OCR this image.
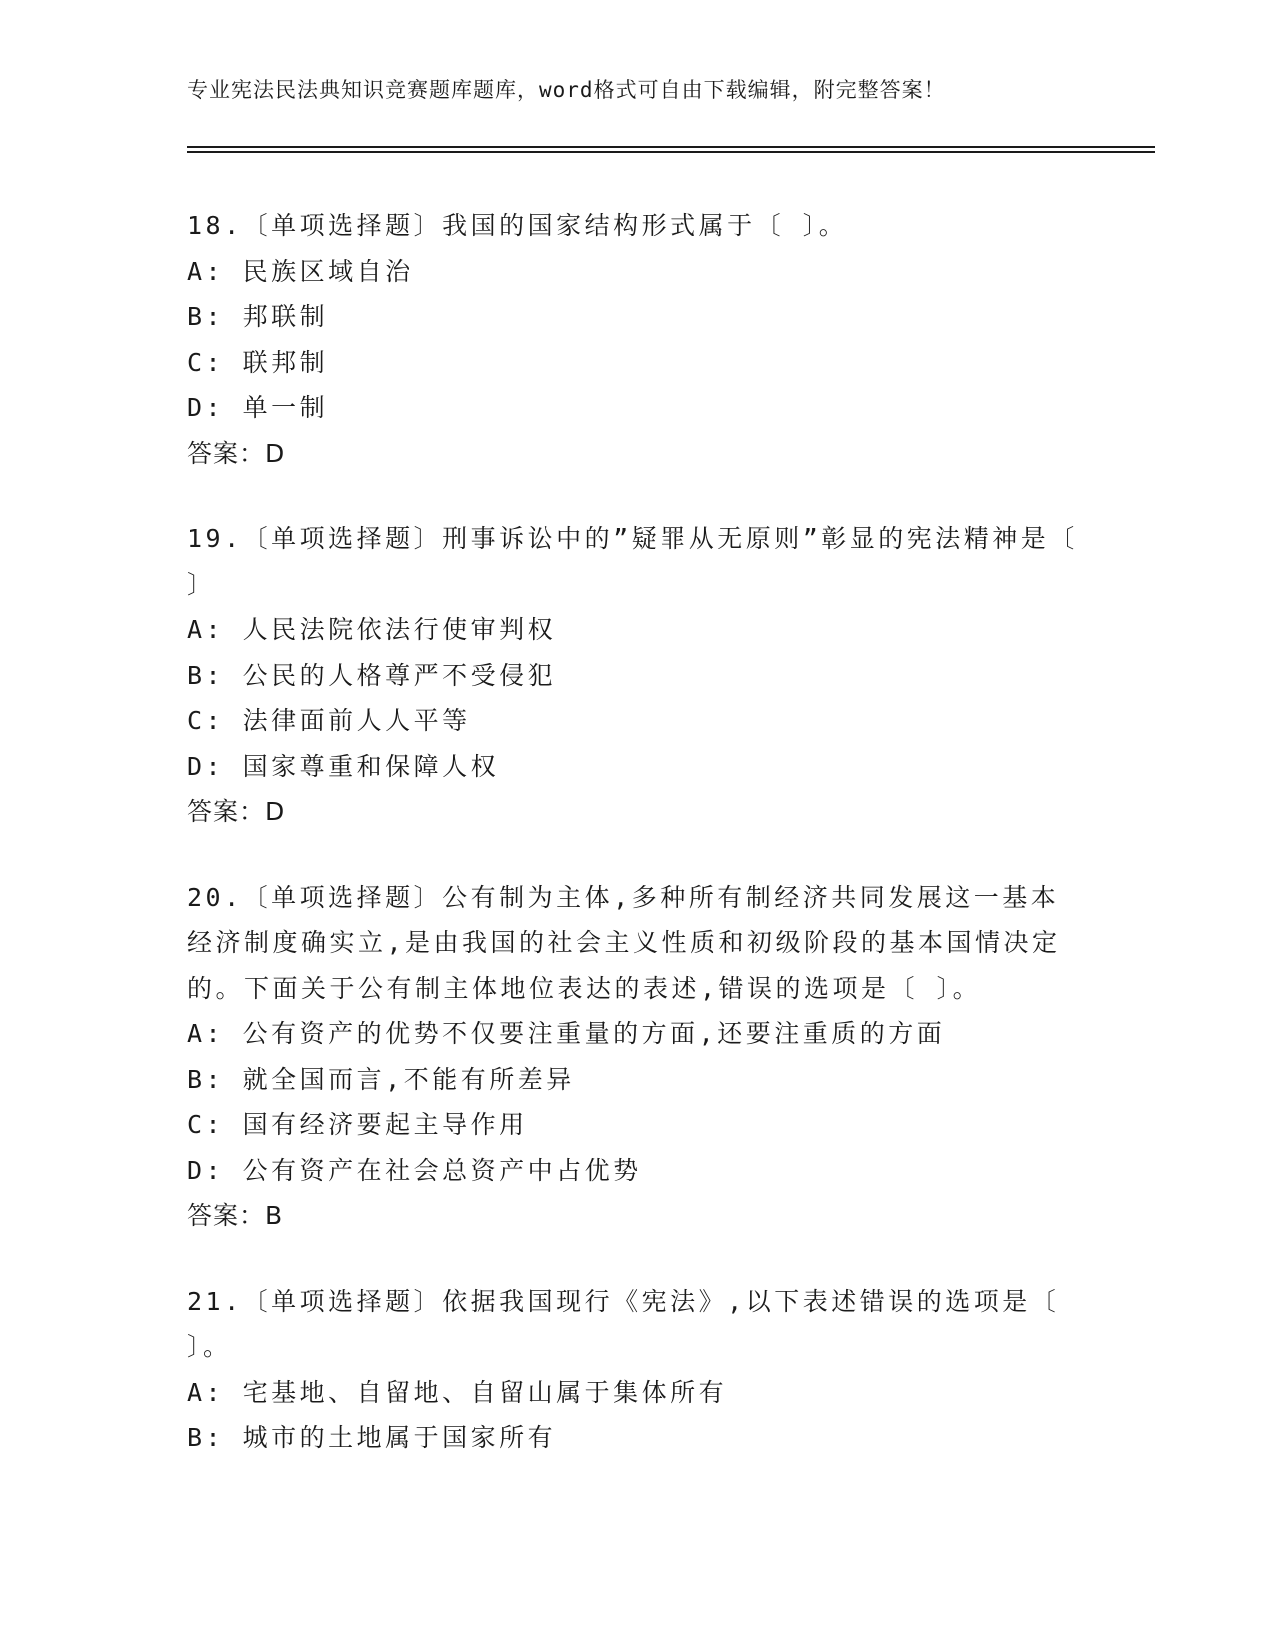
专业宪法民法典知识竞赛题库题库，word格式可自由下载编辑，附完整答案！
18.〔单项选择题〕我国的国家结构形式属于〔 〕。
A: 民族区域自治
B: 邦联制
C: 联邦制
D: 单一制
答案：D
19.〔单项选择题〕刑事诉讼中的”疑罪从无原则”彰显的宪法精神是〔 〕
A: 人民法院依法行使审判权
B: 公民的人格尊严不受侵犯
C: 法律面前人人平等
D: 国家尊重和保障人权
答案：D
20.〔单项选择题〕公有制为主体,多种所有制经济共同发展这一基本经济制度确实立,是由我国的社会主义性质和初级阶段的基本国情决定的。下面关于公有制主体地位表达的表述,错误的选项是〔 〕。
A: 公有资产的优势不仅要注重量的方面,还要注重质的方面
B: 就全国而言,不能有所差异
C: 国有经济要起主导作用
D: 公有资产在社会总资产中占优势
答案：B
21.〔单项选择题〕依据我国现行《宪法》,以下表述错误的选项是〔 〕。
A: 宅基地、自留地、自留山属于集体所有
B: 城市的土地属于国家所有
